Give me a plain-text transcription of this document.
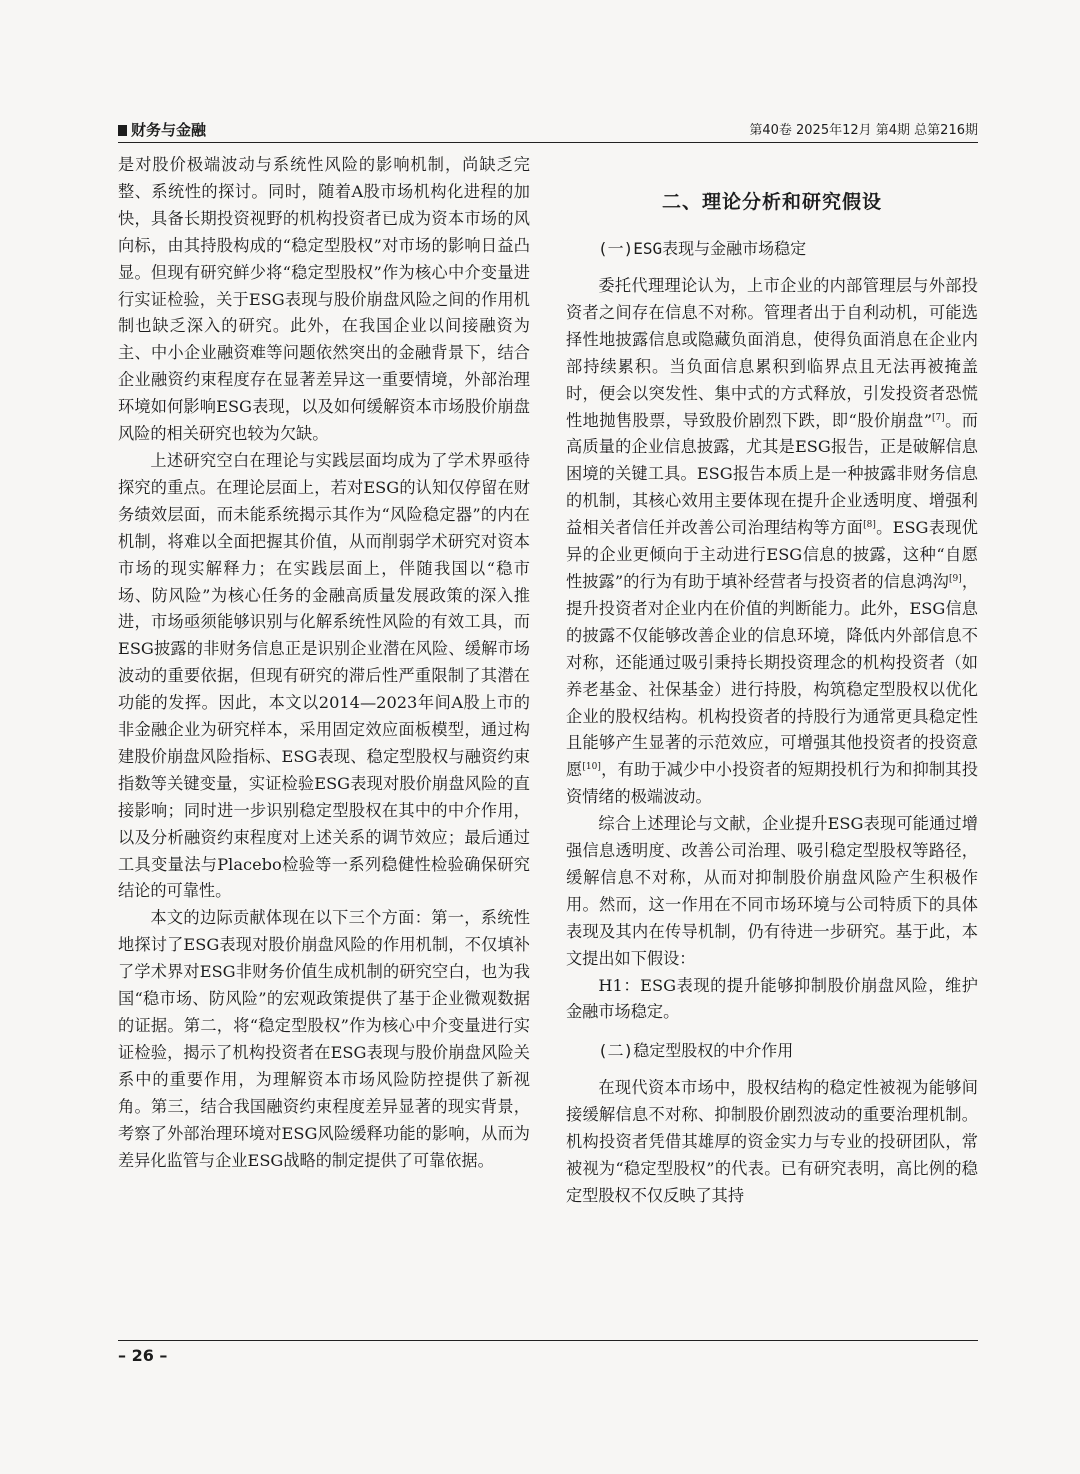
财务与金融	第40卷 2025年12月 第4期 总第216期

是对股价极端波动与系统性风险的影响机制，尚缺乏完整、系统性的探讨。同时，随着A股市场机构化进程的加快，具备长期投资视野的机构投资者已成为资本市场的风向标，由其持股构成的“稳定型股权”对市场的影响日益凸显。但现有研究鲜少将“稳定型股权”作为核心中介变量进行实证检验，关于ESG表现与股价崩盘风险之间的作用机制也缺乏深入的研究。此外，在我国企业以间接融资为主、中小企业融资难等问题依然突出的金融背景下，结合企业融资约束程度存在显著差异这一重要情境，外部治理环境如何影响ESG表现，以及如何缓解资本市场股价崩盘风险的相关研究也较为欠缺。

上述研究空白在理论与实践层面均成为了学术界亟待探究的重点。在理论层面上，若对ESG的认知仅停留在财务绩效层面，而未能系统揭示其作为“风险稳定器”的内在机制，将难以全面把握其价值，从而削弱学术研究对资本市场的现实解释力；在实践层面上，伴随我国以“稳市场、防风险”为核心任务的金融高质量发展政策的深入推进，市场亟须能够识别与化解系统性风险的有效工具，而ESG披露的非财务信息正是识别企业潜在风险、缓解市场波动的重要依据，但现有研究的滞后性严重限制了其潜在功能的发挥。因此，本文以2014—2023年间A股上市的非金融企业为研究样本，采用固定效应面板模型，通过构建股价崩盘风险指标、ESG表现、稳定型股权与融资约束指数等关键变量，实证检验ESG表现对股价崩盘风险的直接影响；同时进一步识别稳定型股权在其中的中介作用，以及分析融资约束程度对上述关系的调节效应；最后通过工具变量法与Placebo检验等一系列稳健性检验确保研究结论的可靠性。

本文的边际贡献体现在以下三个方面：第一，系统性地探讨了ESG表现对股价崩盘风险的作用机制，不仅填补了学术界对ESG非财务价值生成机制的研究空白，也为我国“稳市场、防风险”的宏观政策提供了基于企业微观数据的证据。第二，将“稳定型股权”作为核心中介变量进行实证检验，揭示了机构投资者在ESG表现与股价崩盘风险关系中的重要作用，为理解资本市场风险防控提供了新视角。第三，结合我国融资约束程度差异显著的现实背景，考察了外部治理环境对ESG风险缓释功能的影响，从而为差异化监管与企业ESG战略的制定提供了可靠依据。

二、理论分析和研究假设
(一)ESG表现与金融市场稳定

委托代理理论认为，上市企业的内部管理层与外部投资者之间存在信息不对称。管理者出于自利动机，可能选择性地披露信息或隐藏负面消息，使得负面消息在企业内部持续累积。当负面信息累积到临界点且无法再被掩盖时，便会以突发性、集中式的方式释放，引发投资者恐慌性地抛售股票，导致股价剧烈下跌，即“股价崩盘”[7]。而高质量的企业信息披露，尤其是ESG报告，正是破解信息困境的关键工具。ESG报告本质上是一种披露非财务信息的机制，其核心效用主要体现在提升企业透明度、增强利益相关者信任并改善公司治理结构等方面[8]。ESG表现优异的企业更倾向于主动进行ESG信息的披露，这种“自愿性披露”的行为有助于填补经营者与投资者的信息鸿沟[9]，提升投资者对企业内在价值的判断能力。此外，ESG信息的披露不仅能够改善企业的信息环境，降低内外部信息不对称，还能通过吸引秉持长期投资理念的机构投资者（如养老基金、社保基金）进行持股，构筑稳定型股权以优化企业的股权结构。机构投资者的持股行为通常更具稳定性且能够产生显著的示范效应，可增强其他投资者的投资意愿[10]，有助于减少中小投资者的短期投机行为和抑制其投资情绪的极端波动。

综合上述理论与文献，企业提升ESG表现可能通过增强信息透明度、改善公司治理、吸引稳定型股权等路径，缓解信息不对称，从而对抑制股价崩盘风险产生积极作用。然而，这一作用在不同市场环境与公司特质下的具体表现及其内在传导机制，仍有待进一步研究。基于此，本文提出如下假设：

H1：ESG表现的提升能够抑制股价崩盘风险，维护金融市场稳定。

(二)稳定型股权的中介作用

在现代资本市场中，股权结构的稳定性被视为能够间接缓解信息不对称、抑制股价剧烈波动的重要治理机制。机构投资者凭借其雄厚的资金实力与专业的投研团队，常被视为“稳定型股权”的代表。已有研究表明，高比例的稳定型股权不仅反映了其持

– 26 –
